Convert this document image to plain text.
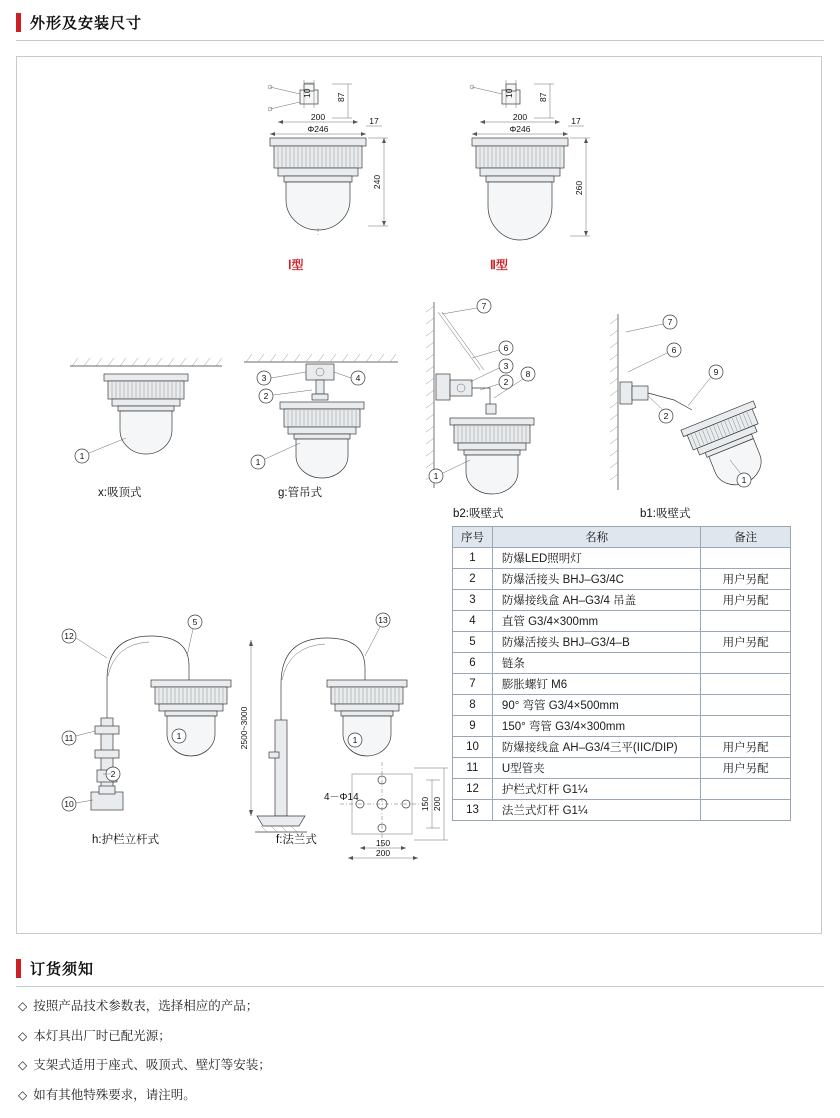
外形及安装尺寸
10	87
200
Φ246
17
240
Ⅰ型
10	87
200
Φ246
17
260
Ⅱ型
1
x:吸顶式
3
2
4
1
g:管吊式
7
6
3
2
8
1
b2:吸壁式
7
6
9
2
1
b1:吸壁式
12
5
11
2
10
1
h:护栏立杆式
2500~3000
13
1
f:法兰式
150 200
150
200
4－Φ14
序号	名称	备注
1	防爆LED照明灯	
2	防爆活接头 BHJ–G3/4C	用户另配
3	防爆接线盒 AH–G3/4 吊盖	用户另配
4	直管 G3/4×300mm	
5	防爆活接头 BHJ–G3/4–B	用户另配
6	链条	
7	膨胀螺钉 M6	
8	90° 弯管 G3/4×500mm	
9	150° 弯管 G3/4×300mm	
10	防爆接线盒 AH–G3/4三平(IIC/DIP)	用户另配
11	U型管夹	用户另配
12	护栏式灯杆 G1¼	
13	法兰式灯杆 G1¼	
订货须知
◇ 按照产品技术参数表，选择相应的产品；
◇ 本灯具出厂时已配光源；
◇ 支架式适用于座式、吸顶式、壁灯等安装；
◇ 如有其他特殊要求，请注明。
